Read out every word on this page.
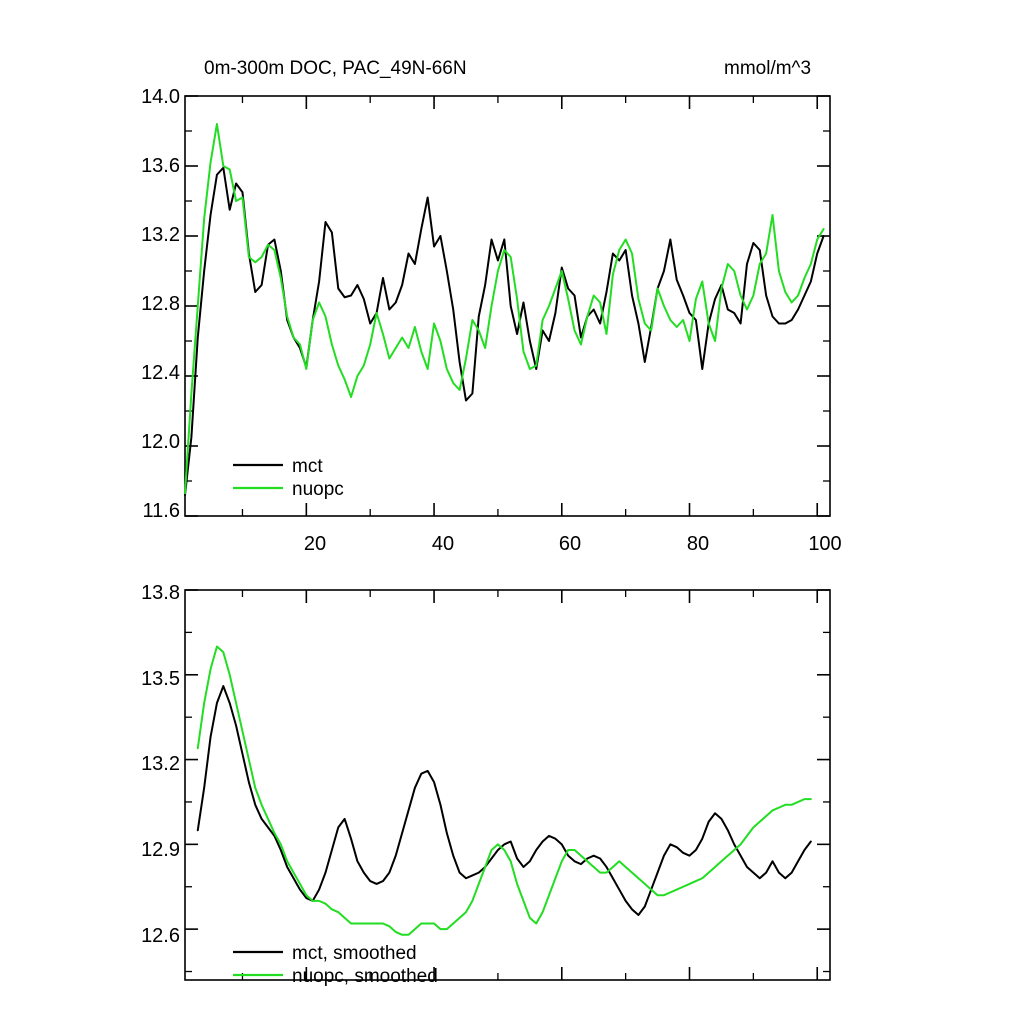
0m-300m DOC, PAC_49N-66N	mmol/m^3
14.0
13.6
13.2
12.8
12.4
12.0
11.6
20	40	60	80	100
mct
nuopc
13.8
13.5
13.2
12.9
12.6
mct, smoothed
nuopc, smoothed
